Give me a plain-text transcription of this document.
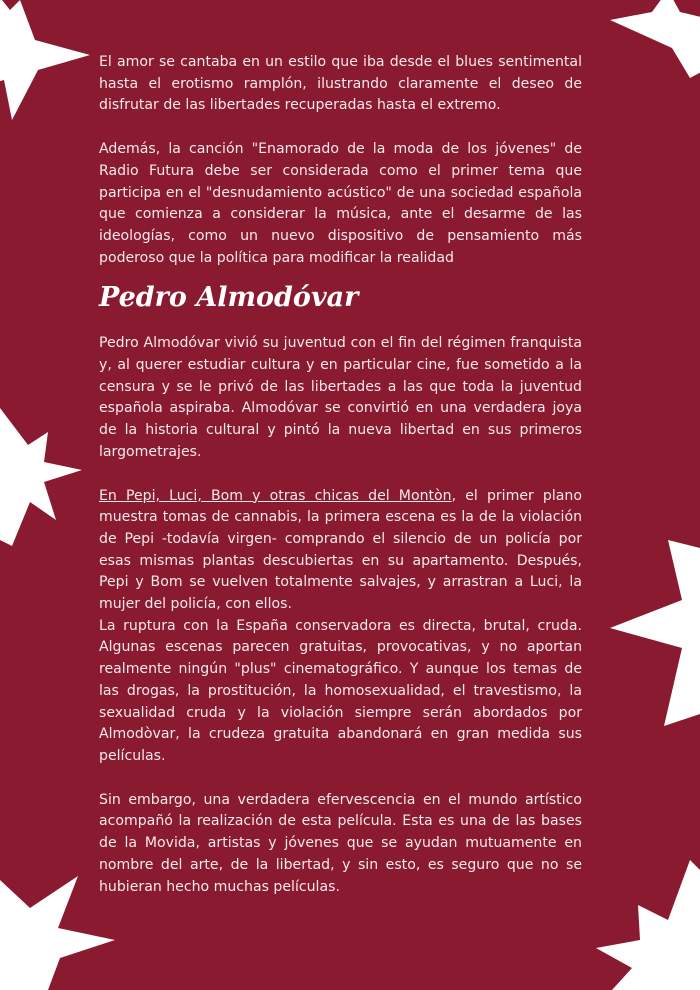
El amor se cantaba en un estilo que iba desde el blues sentimental hasta el erotismo ramplón, ilustrando claramente el deseo de disfrutar de las libertades recuperadas hasta el extremo.

Además, la canción "Enamorado de la moda de los jóvenes" de Radio Futura debe ser considerada como el primer tema que participa en el "desnudamiento acústico" de una sociedad española que comienza a considerar la música, ante el desarme de las ideologías, como un nuevo dispositivo de pensamiento más poderoso que la política para modificar la realidad

Pedro Almodóvar

Pedro Almodóvar vivió su juventud con el fin del régimen franquista y, al querer estudiar cultura y en particular cine, fue sometido a la censura y se le privó de las libertades a las que toda la juventud española aspiraba. Almodóvar se convirtió en una verdadera joya de la historia cultural y pintó la nueva libertad en sus primeros largometrajes.

En Pepi, Luci, Bom y otras chicas del Montòn, el primer plano muestra tomas de cannabis, la primera escena es la de la violación de Pepi -todavía virgen- comprando el silencio de un policía por esas mismas plantas descubiertas en su apartamento. Después, Pepi y Bom se vuelven totalmente salvajes, y arrastran a Luci, la mujer del policía, con ellos.

La ruptura con la España conservadora es directa, brutal, cruda. Algunas escenas parecen gratuitas, provocativas, y no aportan realmente ningún "plus" cinematográfico. Y aunque los temas de las drogas, la prostitución, la homosexualidad, el travestismo, la sexualidad cruda y la violación siempre serán abordados por Almodòvar, la crudeza gratuita abandonará en gran medida sus películas.

Sin embargo, una verdadera efervescencia en el mundo artístico acompañó la realización de esta película. Esta es una de las bases de la Movida, artistas y jóvenes que se ayudan mutuamente en nombre del arte, de la libertad, y sin esto, es seguro que no se hubieran hecho muchas películas.
